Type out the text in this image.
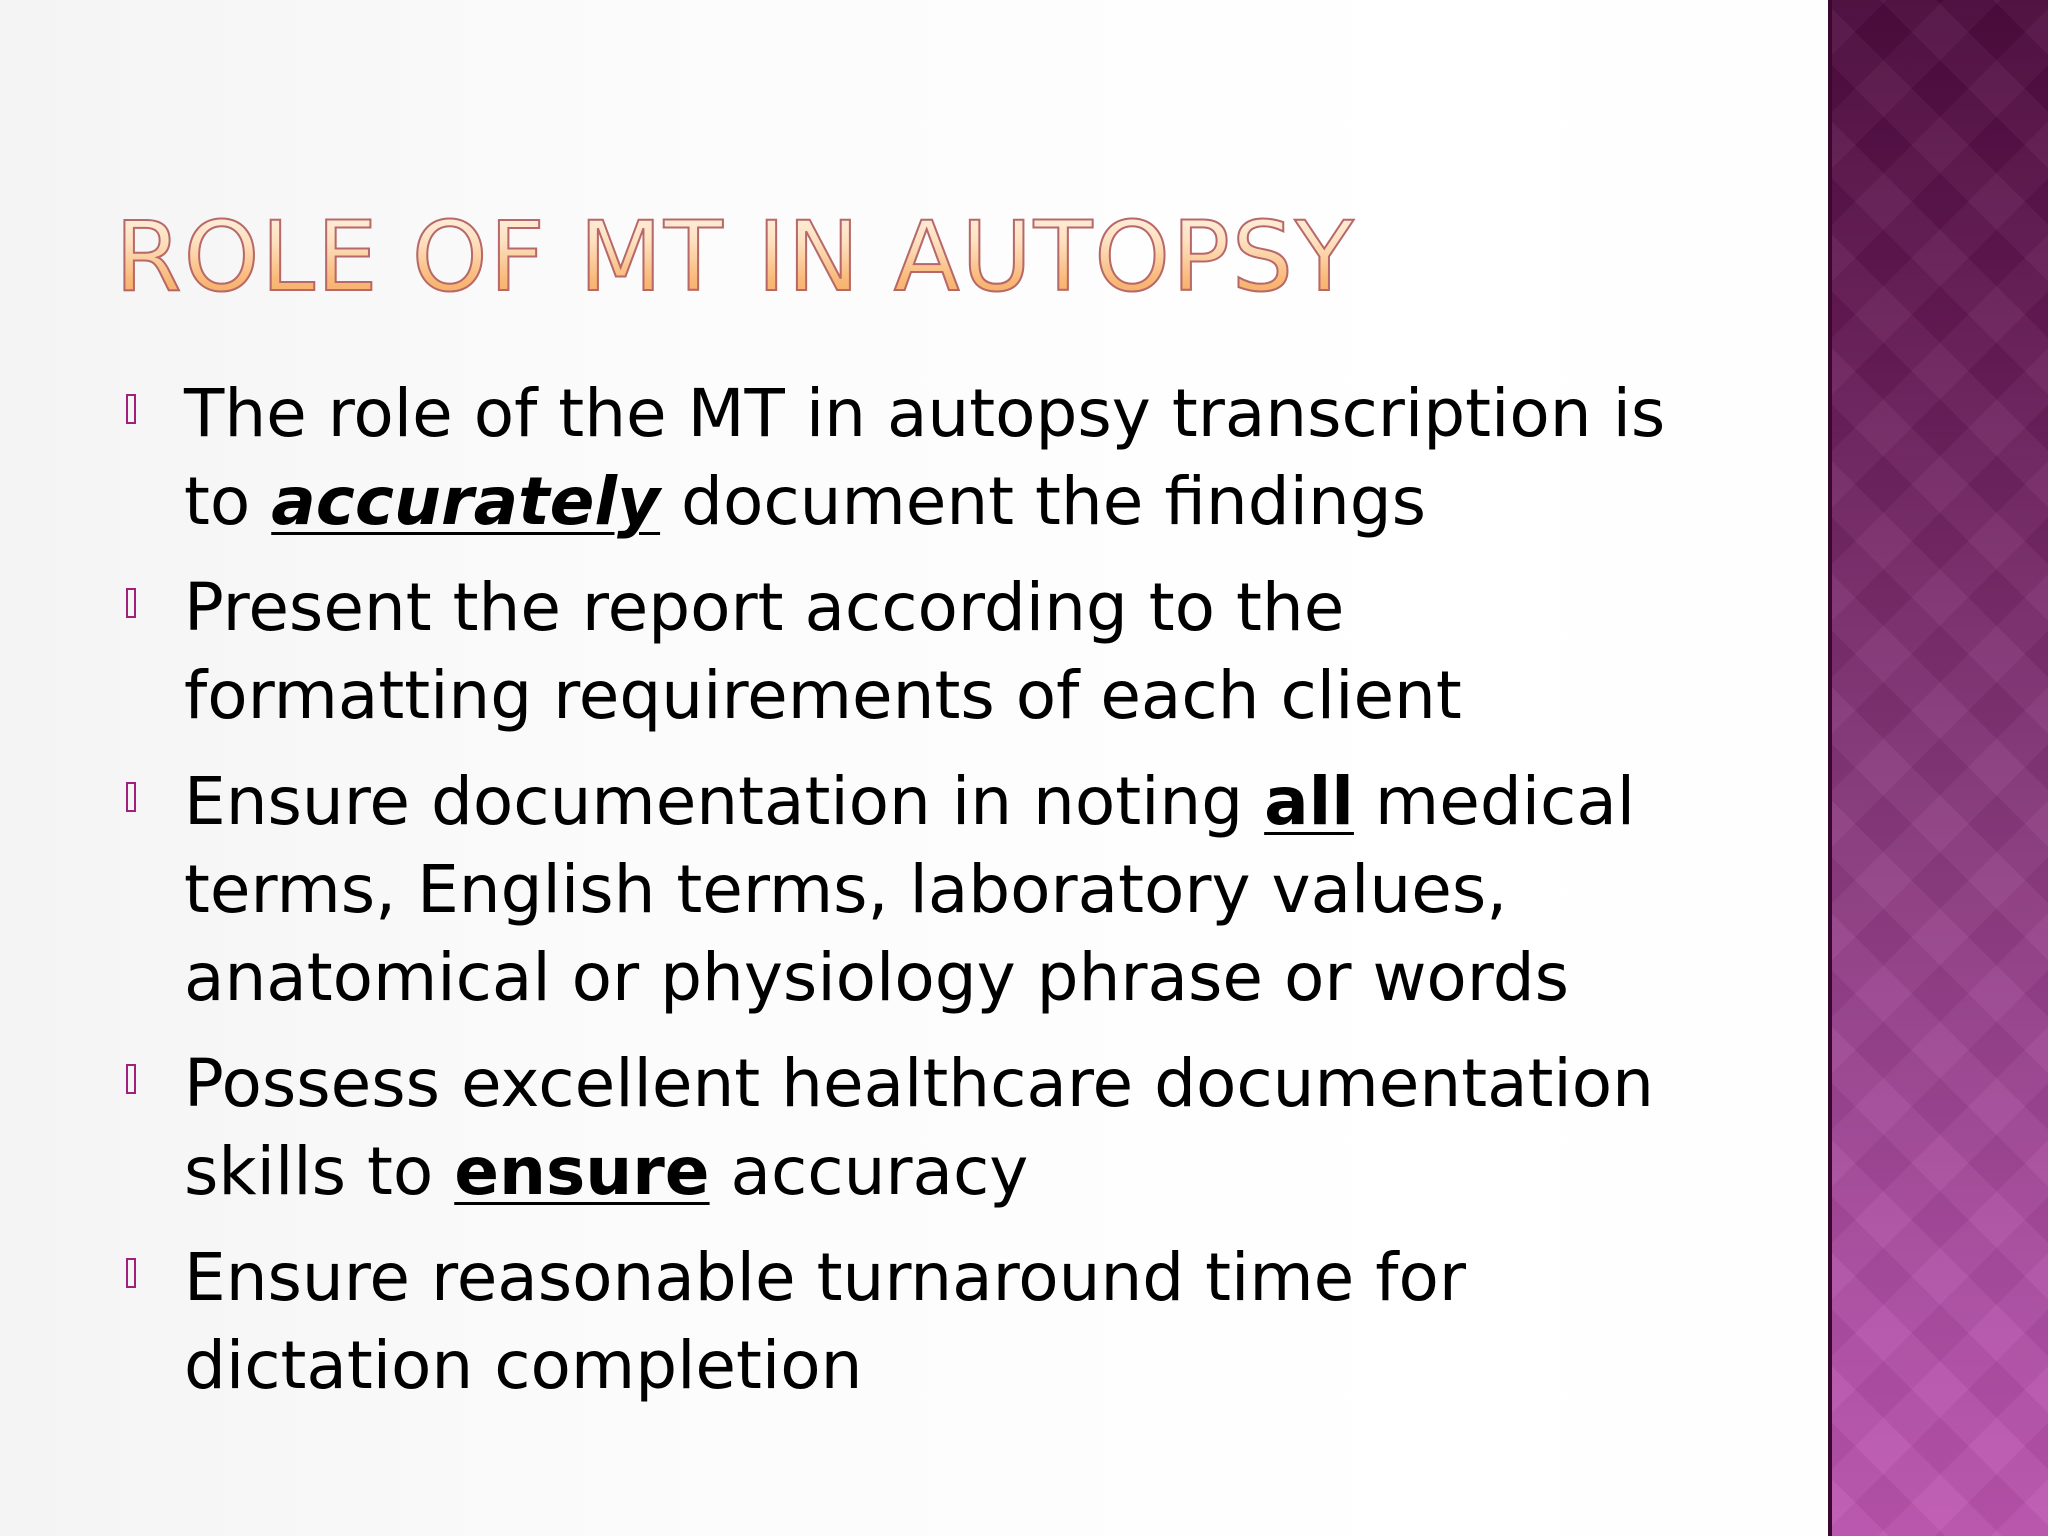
ROLE OF MT IN AUTOPSY
The role of the MT in autopsy transcription is to accurately document the findings
Present the report according to the formatting requirements of each client
Ensure documentation in noting all medical terms, English terms, laboratory values, anatomical or physiology phrase or words
Possess excellent healthcare documentation skills to ensure accuracy
Ensure reasonable turnaround time for dictation completion
